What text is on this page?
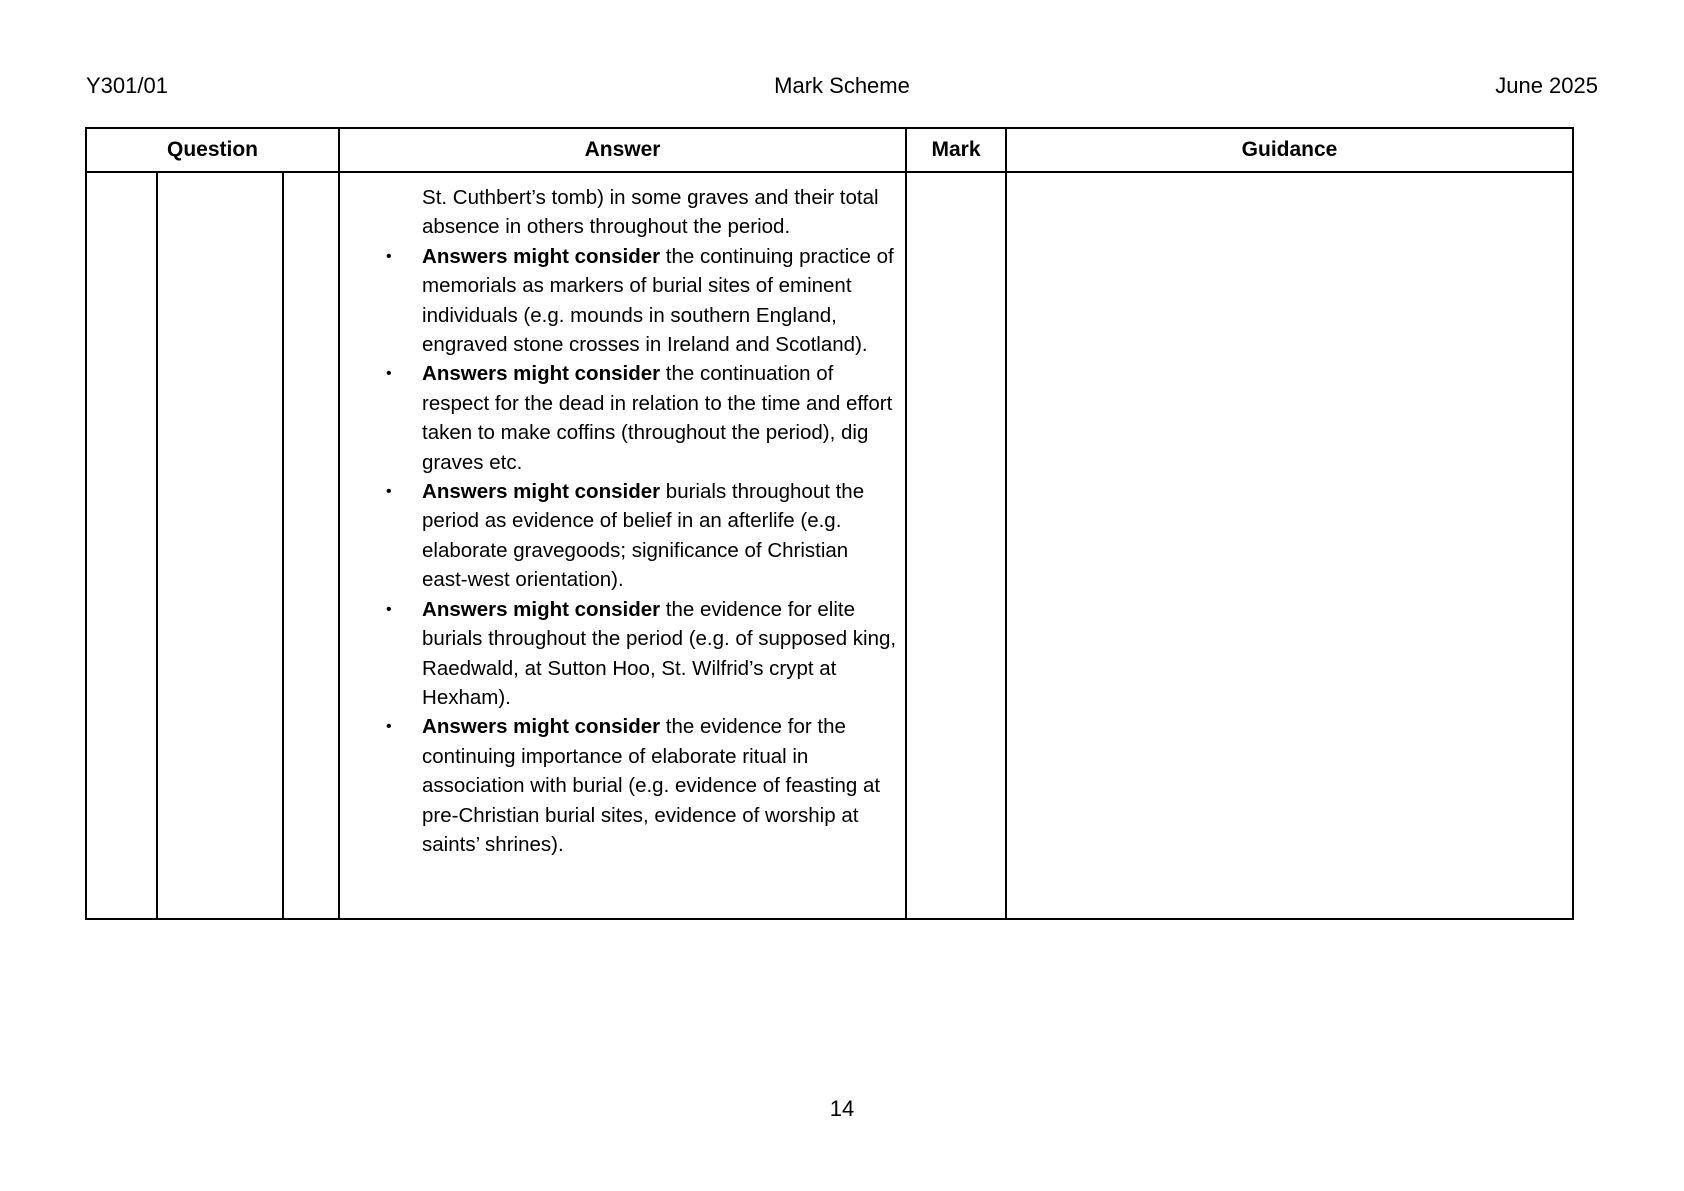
Y301/01	Mark Scheme	June 2025
Question			Answer	Mark	Guidance

St. Cuthbert’s tomb) in some graves and their total absence in others throughout the period.
• Answers might consider the continuing practice of memorials as markers of burial sites of eminent individuals (e.g. mounds in southern England, engraved stone crosses in Ireland and Scotland).
• Answers might consider the continuation of respect for the dead in relation to the time and effort taken to make coffins (throughout the period), dig graves etc.
• Answers might consider burials throughout the period as evidence of belief in an afterlife (e.g. elaborate gravegoods; significance of Christian east-west orientation).
• Answers might consider the evidence for elite burials throughout the period (e.g. of supposed king, Raedwald, at Sutton Hoo, St. Wilfrid’s crypt at Hexham).
• Answers might consider the evidence for the continuing importance of elaborate ritual in association with burial (e.g. evidence of feasting at pre-Christian burial sites, evidence of worship at saints’ shrines).

14
